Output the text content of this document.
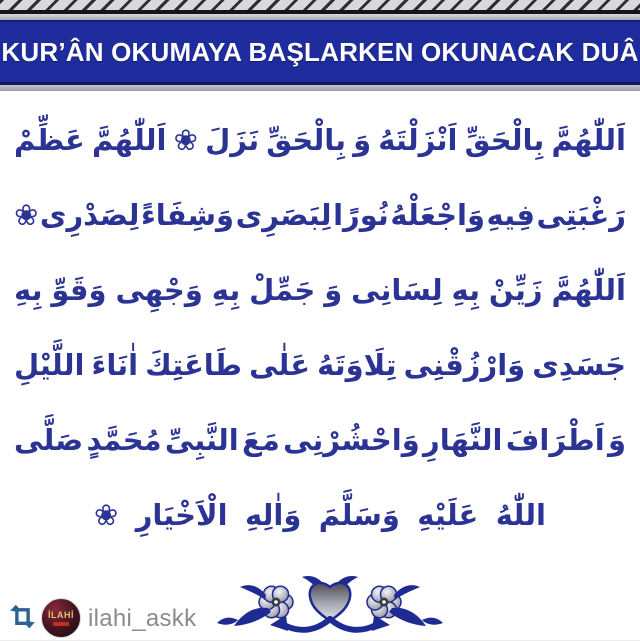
KUR’ÂN OKUMAYA BAŞLARKEN OKUNACAK DUÂ
اَللّٰهُمَّ
بِالْحَقِّ
اَنْزَلْتَهُ
وَ
بِالْحَقِّ
نَزَلَ
❀
اَللّٰهُمَّ
عَظِّمْ
رَغْبَتِى
فِيهِ
وَاجْعَلْهُ
نُورًا
لِبَصَرِى
وَشِفَاءً
لِصَدْرِى
❀
اَللّٰهُمَّ
زَيِّنْ
بِهِ
لِسَانِى
وَ
جَمِّلْ
بِهِ
وَجْهِى
وَقَوِّ
بِهِ
جَسَدِى
وَارْزُقْنِى
تِلَاوَتَهُ
عَلٰى
طَاعَتِكَ
اٰنَاءَ
اللَّيْلِ
وَ
اَطْرَافَ
النَّهَارِ
وَاحْشُرْنِى
مَعَ
النَّبِىِّ
مُحَمَّدٍ
صَلَّى
اللّٰهُ
عَلَيْهِ
وَسَلَّمَ
وَاٰلِهِ
الْاَخْيَارِ
❀
İLAHİ ilahi_askk
